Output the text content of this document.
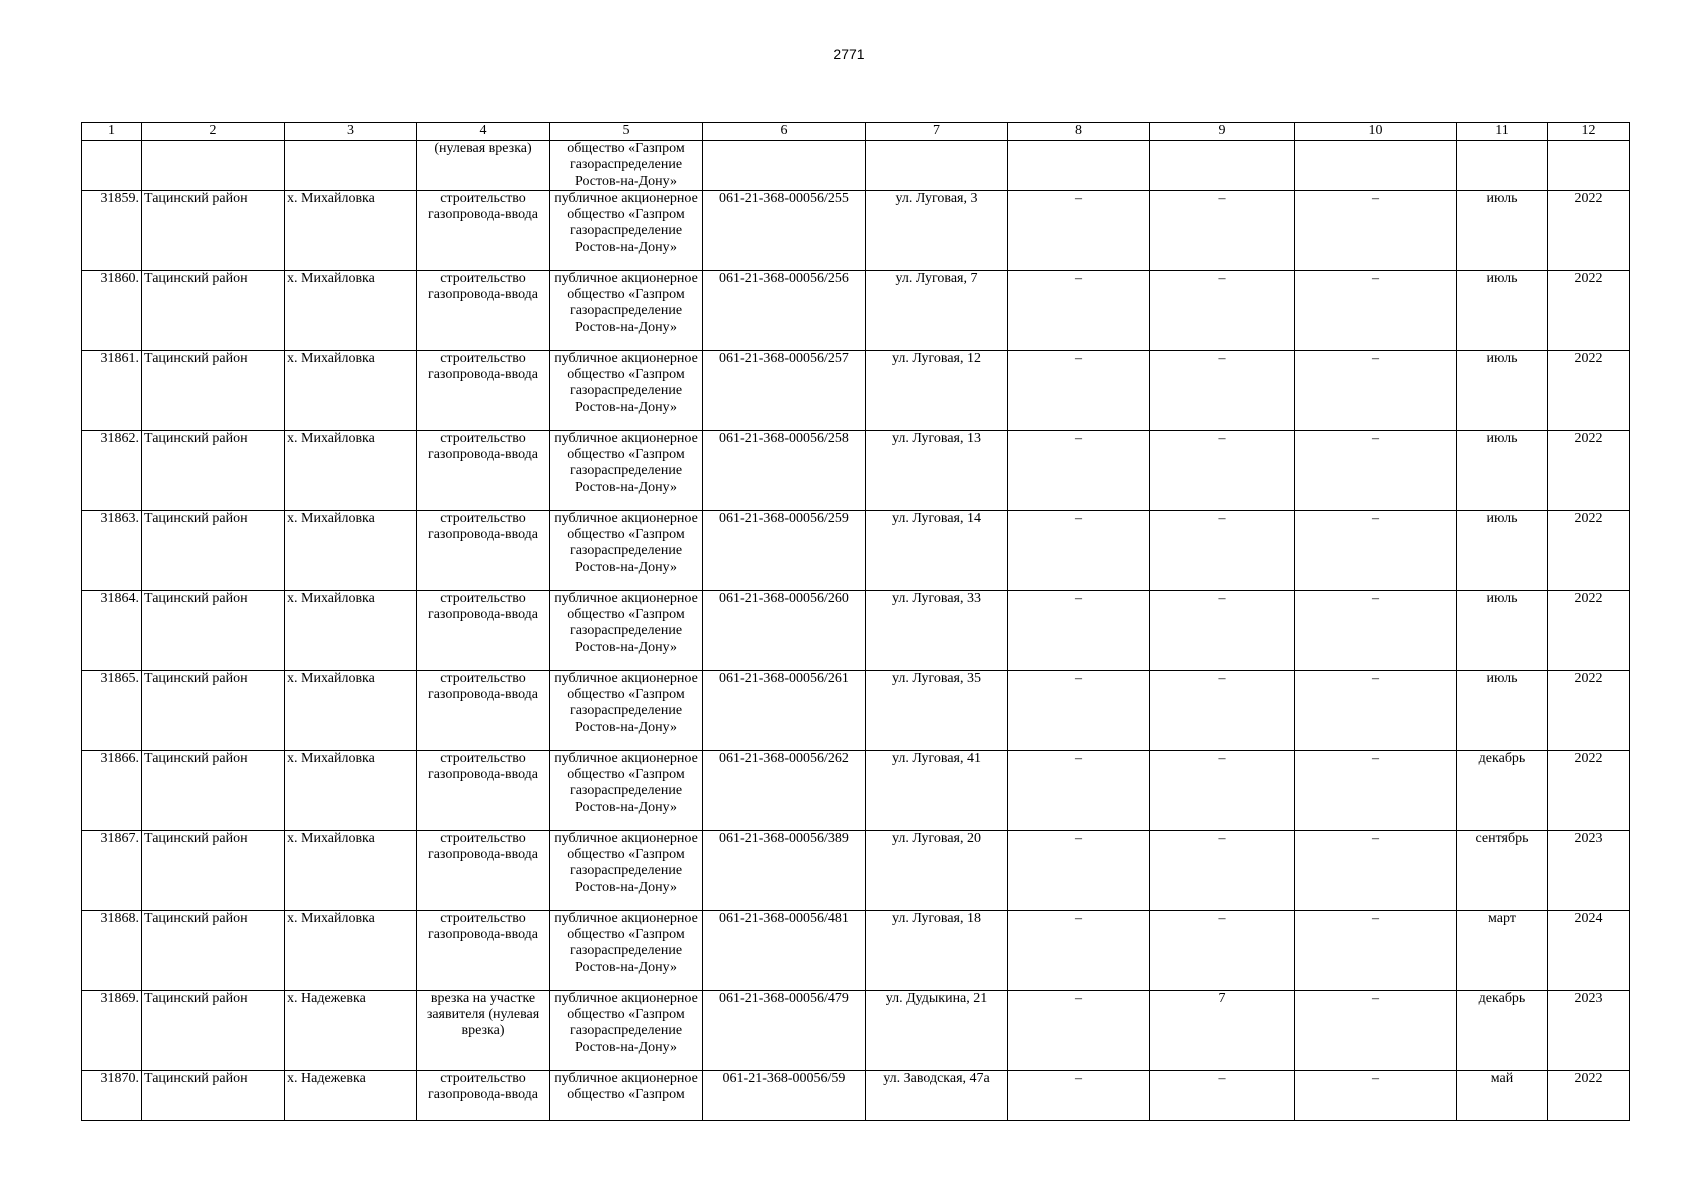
2771
1	2	3	4	5	6	7	8	9	10	11	12
			(нулевая врезка)	общество «Газпром газораспределение Ростов-на-Дону»							
31859.	Тацинский район	х. Михайловка	строительство газопровода-ввода	публичное акционерное общество «Газпром газораспределение Ростов-на-Дону»	061-21-368-00056/255	ул. Луговая, 3	–	–	–	июль	2022
31860.	Тацинский район	х. Михайловка	строительство газопровода-ввода	публичное акционерное общество «Газпром газораспределение Ростов-на-Дону»	061-21-368-00056/256	ул. Луговая, 7	–	–	–	июль	2022
31861.	Тацинский район	х. Михайловка	строительство газопровода-ввода	публичное акционерное общество «Газпром газораспределение Ростов-на-Дону»	061-21-368-00056/257	ул. Луговая, 12	–	–	–	июль	2022
31862.	Тацинский район	х. Михайловка	строительство газопровода-ввода	публичное акционерное общество «Газпром газораспределение Ростов-на-Дону»	061-21-368-00056/258	ул. Луговая, 13	–	–	–	июль	2022
31863.	Тацинский район	х. Михайловка	строительство газопровода-ввода	публичное акционерное общество «Газпром газораспределение Ростов-на-Дону»	061-21-368-00056/259	ул. Луговая, 14	–	–	–	июль	2022
31864.	Тацинский район	х. Михайловка	строительство газопровода-ввода	публичное акционерное общество «Газпром газораспределение Ростов-на-Дону»	061-21-368-00056/260	ул. Луговая, 33	–	–	–	июль	2022
31865.	Тацинский район	х. Михайловка	строительство газопровода-ввода	публичное акционерное общество «Газпром газораспределение Ростов-на-Дону»	061-21-368-00056/261	ул. Луговая, 35	–	–	–	июль	2022
31866.	Тацинский район	х. Михайловка	строительство газопровода-ввода	публичное акционерное общество «Газпром газораспределение Ростов-на-Дону»	061-21-368-00056/262	ул. Луговая, 41	–	–	–	декабрь	2022
31867.	Тацинский район	х. Михайловка	строительство газопровода-ввода	публичное акционерное общество «Газпром газораспределение Ростов-на-Дону»	061-21-368-00056/389	ул. Луговая, 20	–	–	–	сентябрь	2023
31868.	Тацинский район	х. Михайловка	строительство газопровода-ввода	публичное акционерное общество «Газпром газораспределение Ростов-на-Дону»	061-21-368-00056/481	ул. Луговая, 18	–	–	–	март	2024
31869.	Тацинский район	х. Надежевка	врезка на участке заявителя (нулевая врезка)	публичное акционерное общество «Газпром газораспределение Ростов-на-Дону»	061-21-368-00056/479	ул. Дудыкина, 21	–	7	–	декабрь	2023
31870.	Тацинский район	х. Надежевка	строительство газопровода-ввода	публичное акционерное общество «Газпром	061-21-368-00056/59	ул. Заводская, 47а	–	–	–	май	2022
